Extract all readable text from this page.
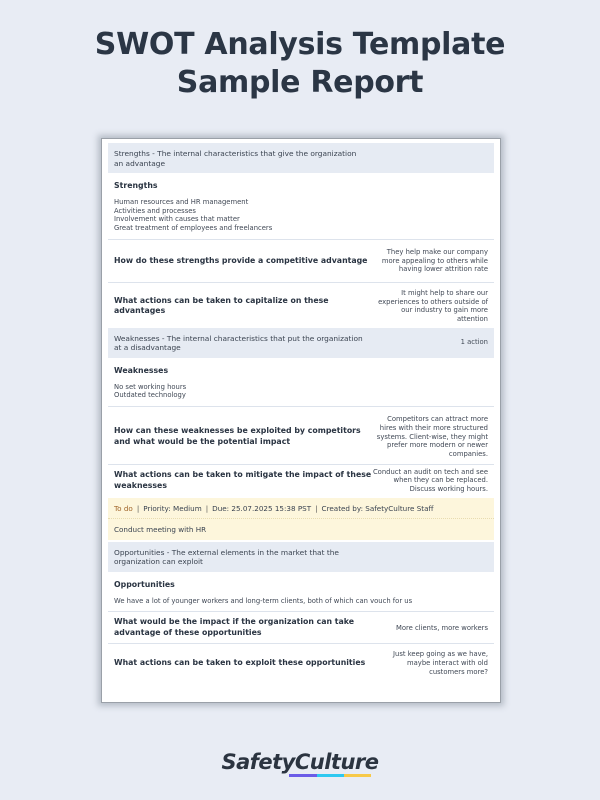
SWOT Analysis Template
Sample Report
Strengths - The internal characteristics that give the organization an advantage
Strengths
Human resources and HR management
Activities and processes
Involvement with causes that matter
Great treatment of employees and freelancers
How do these strengths provide a competitive advantage
They help make our company more appealing to others while having lower attrition rate
What actions can be taken to capitalize on these advantages
It might help to share our experiences to others outside of our industry to gain more attention
Weaknesses - The internal characteristics that put the organization at a disadvantage
1 action
Weaknesses
No set working hours
Outdated technology
How can these weaknesses be exploited by competitors and what would be the potential impact
Competitors can attract more hires with their more structured systems. Client-wise, they might prefer more modern or newer companies.
What actions can be taken to mitigate the impact of these weaknesses
Conduct an audit on tech and see when they can be replaced. Discuss working hours.
To do | Priority: Medium | Due: 25.07.2025 15:38 PST | Created by: SafetyCulture Staff
Conduct meeting with HR
Opportunities - The external elements in the market that the organization can exploit
Opportunities
We have a lot of younger workers and long-term clients, both of which can vouch for us
What would be the impact if the organization can take advantage of these opportunities
More clients, more workers
What actions can be taken to exploit these opportunities
Just keep going as we have, maybe interact with old customers more?
SafetyCulture
